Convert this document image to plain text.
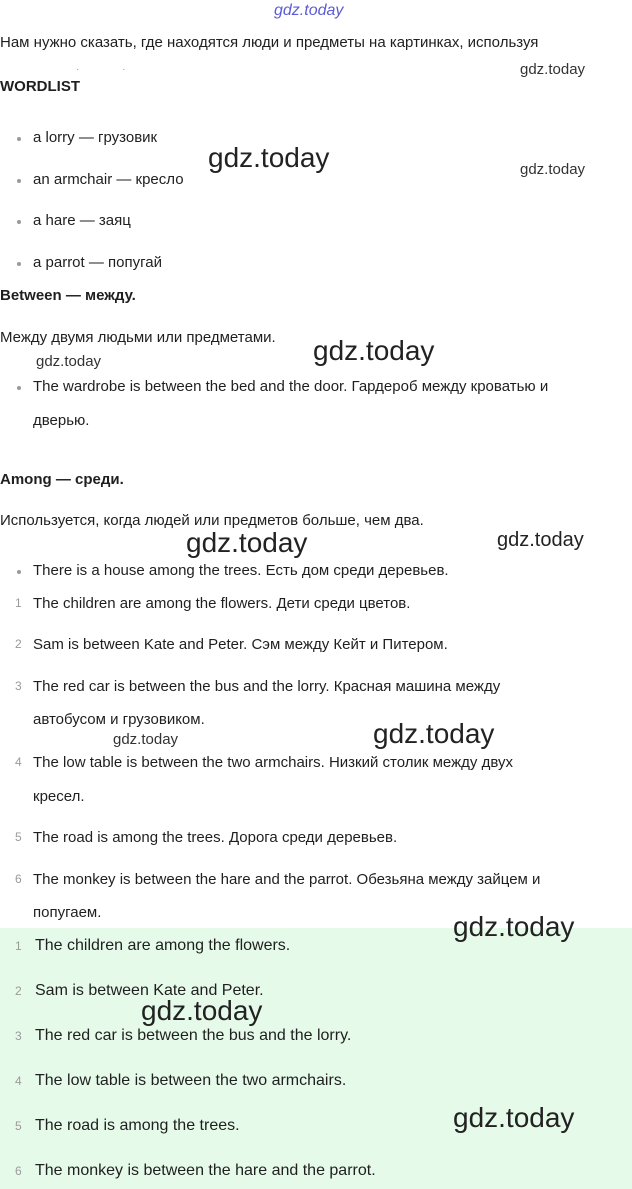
gdz.today
Нам нужно сказать, где находятся люди и предметы на картинках, используя
· ·	gdz.today
WORDLIST
a lorry — грузовик
an armchair — кресло
a hare — заяц
a parrot — попугай
gdz.today	gdz.today
Between — между.
Между двумя людьми или предметами.
gdz.today	gdz.today
The wardrobe is between the bed and the door. Гардероб между кроватью и
дверью.
Among — среди.
Используется, когда людей или предметов больше, чем два.
gdz.today	gdz.today
There is a house among the trees. Есть дом среди деревьев.
1 The children are among the flowers. Дети среди цветов.
2 Sam is between Kate and Peter. Сэм между Кейт и Питером.
3 The red car is between the bus and the lorry. Красная машина между
автобусом и грузовиком.
gdz.today	gdz.today
4 The low table is between the two armchairs. Низкий столик между двух
кресел.
5 The road is among the trees. Дорога среди деревьев.
6 The monkey is between the hare and the parrot. Обезьяна между зайцем и
попугаем.
1 The children are among the flowers.
2 Sam is between Kate and Peter.
3 The red car is between the bus and the lorry.
4 The low table is between the two armchairs.
5 The road is among the trees.
6 The monkey is between the hare and the parrot.
gdz.today
gdz.today
gdz.today
